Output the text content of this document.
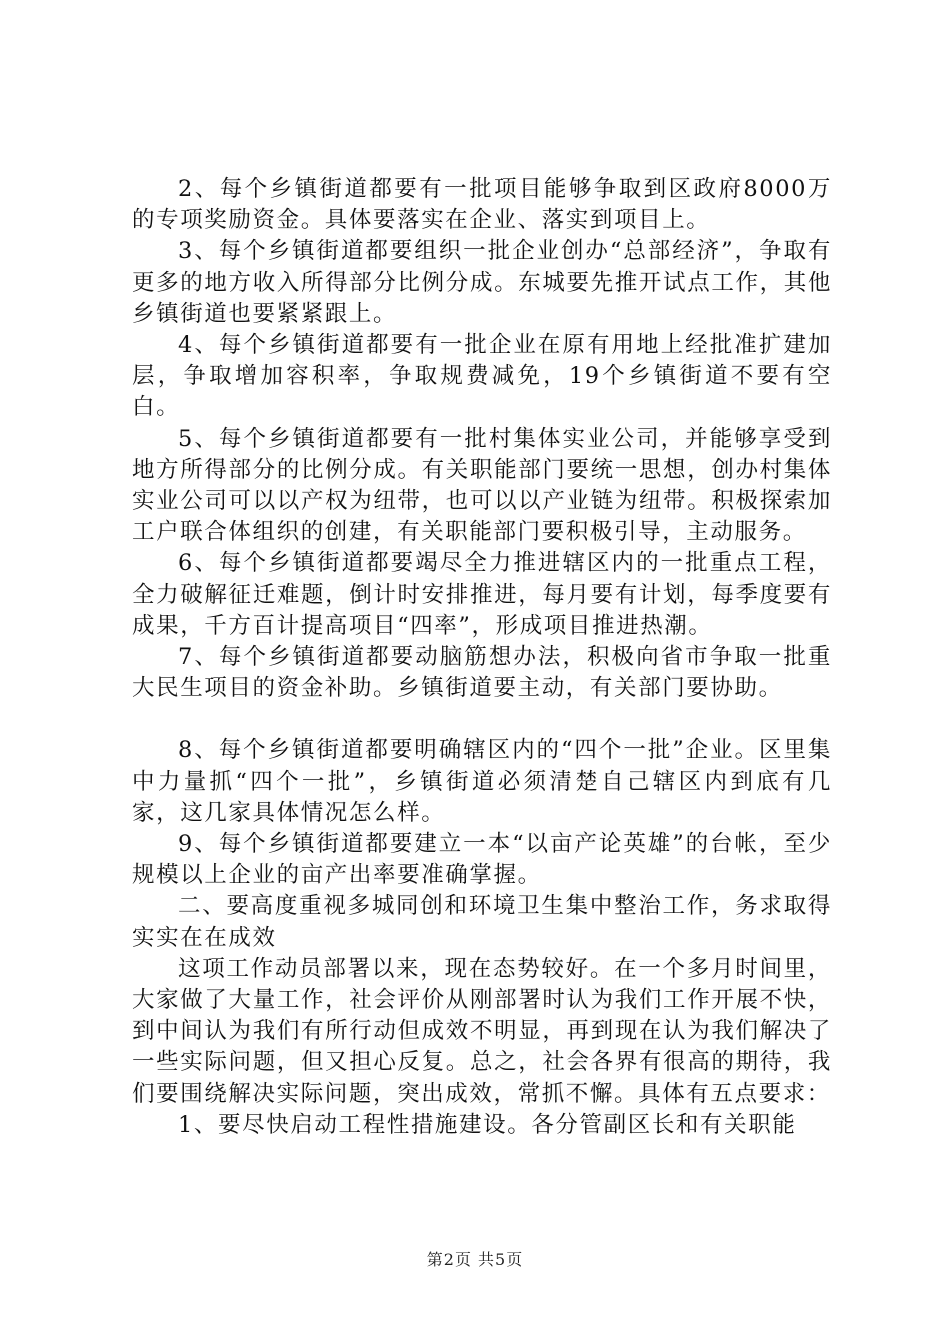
2、每个乡镇街道都要有一批项目能够争取到区政府8000万的专项奖励资金。具体要落实在企业、落实到项目上。

3、每个乡镇街道都要组织一批企业创办“总部经济”，争取有更多的地方收入所得部分比例分成。东城要先推开试点工作，其他乡镇街道也要紧紧跟上。

4、每个乡镇街道都要有一批企业在原有用地上经批准扩建加层，争取增加容积率，争取规费减免，19个乡镇街道不要有空白。

5、每个乡镇街道都要有一批村集体实业公司，并能够享受到地方所得部分的比例分成。有关职能部门要统一思想，创办村集体实业公司可以以产权为纽带，也可以以产业链为纽带。积极探索加工户联合体组织的创建，有关职能部门要积极引导，主动服务。

6、每个乡镇街道都要竭尽全力推进辖区内的一批重点工程，全力破解征迁难题，倒计时安排推进，每月要有计划，每季度要有成果，千方百计提高项目“四率”，形成项目推进热潮。

7、每个乡镇街道都要动脑筋想办法，积极向省市争取一批重大民生项目的资金补助。乡镇街道要主动，有关部门要协助。

8、每个乡镇街道都要明确辖区内的“四个一批”企业。区里集中力量抓“四个一批”，乡镇街道必须清楚自己辖区内到底有几家，这几家具体情况怎么样。

9、每个乡镇街道都要建立一本“以亩产论英雄”的台帐，至少规模以上企业的亩产出率要准确掌握。

二、要高度重视多城同创和环境卫生集中整治工作，务求取得实实在在成效

这项工作动员部署以来，现在态势较好。在一个多月时间里，大家做了大量工作，社会评价从刚部署时认为我们工作开展不快，到中间认为我们有所行动但成效不明显，再到现在认为我们解决了一些实际问题，但又担心反复。总之，社会各界有很高的期待，我们要围绕解决实际问题，突出成效，常抓不懈。具体有五点要求：

1、要尽快启动工程性措施建设。各分管副区长和有关职能

第2页 共5页
